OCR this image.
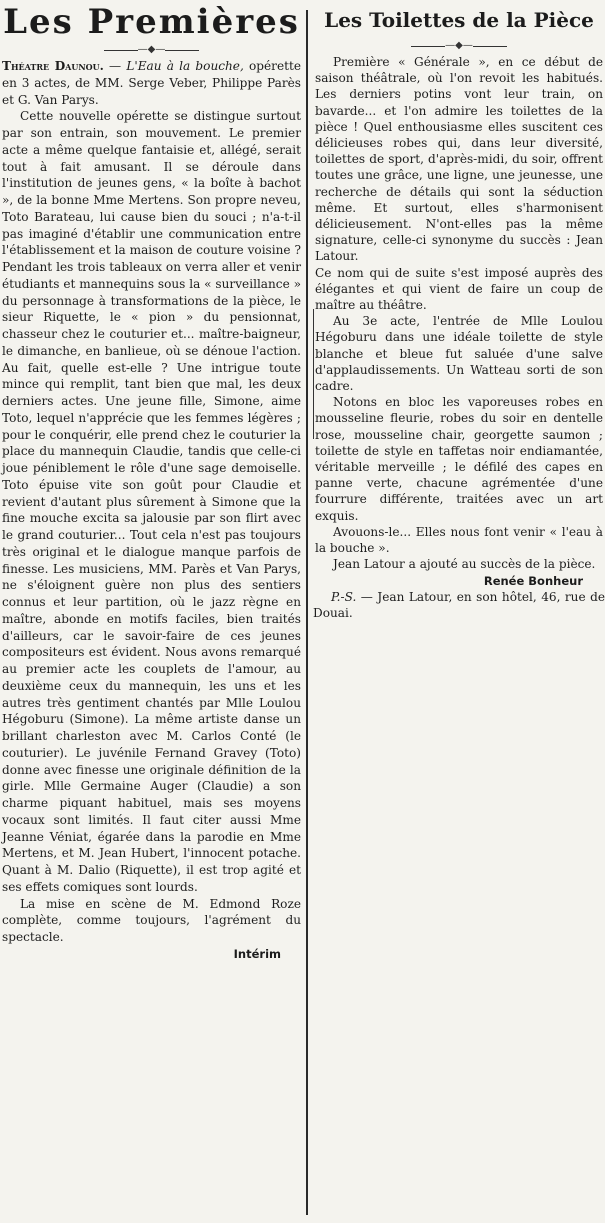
Les Premières
—◆—

Théatre Daunou. — L'Eau à la bouche, opérette en 3 actes, de MM. Serge Veber, Philippe Parès et G. Van Parys.

Cette nouvelle opérette se distingue surtout par son entrain, son mouvement. Le premier acte a même quelque fantaisie et, allégé, serait tout à fait amusant. Il se déroule dans l'institution de jeunes gens, « la boîte à bachot », de la bonne Mme Mertens. Son propre neveu, Toto Barateau, lui cause bien du souci ; n'a-t-il pas imaginé d'établir une communication entre l'établissement et la maison de couture voisine ? Pendant les trois tableaux on verra aller et venir étudiants et mannequins sous la « surveillance » du personnage à transformations de la pièce, le sieur Riquette, le « pion » du pensionnat, chasseur chez le couturier et... maître-baigneur, le dimanche, en banlieue, où se dénoue l'action. Au fait, quelle est-elle ? Une intrigue toute mince qui remplit, tant bien que mal, les deux derniers actes. Une jeune fille, Simone, aime Toto, lequel n'apprécie que les femmes légères ; pour le conquérir, elle prend chez le couturier la place du mannequin Claudie, tandis que celle-ci joue péniblement le rôle d'une sage demoiselle. Toto épuise vite son goût pour Claudie et revient d'autant plus sûrement à Simone que la fine mouche excita sa jalousie par son flirt avec le grand couturier... Tout cela n'est pas toujours très original et le dialogue manque parfois de finesse. Les musiciens, MM. Parès et Van Parys, ne s'éloignent guère non plus des sentiers connus et leur partition, où le jazz règne en maître, abonde en motifs faciles, bien traités d'ailleurs, car le savoir-faire de ces jeunes compositeurs est évident. Nous avons remarqué au premier acte les couplets de l'amour, au deuxième ceux du mannequin, les uns et les autres très gentiment chantés par Mlle Loulou Hégoburu (Simone). La même artiste danse un brillant charleston avec M. Carlos Conté (le couturier). Le juvénile Fernand Gravey (Toto) donne avec finesse une originale définition de la girle. Mlle Germaine Auger (Claudie) a son charme piquant habituel, mais ses moyens vocaux sont limités. Il faut citer aussi Mme Jeanne Véniat, égarée dans la parodie en Mme Mertens, et M. Jean Hubert, l'innocent potache. Quant à M. Dalio (Riquette), il est trop agité et ses effets comiques sont lourds.

La mise en scène de M. Edmond Roze complète, comme toujours, l'agrément du spectacle.

Intérim

Les Toilettes de la Pièce
—◆—

Première « Générale », en ce début de saison théâtrale, où l'on revoit les habitués. Les derniers potins vont leur train, on bavarde... et l'on admire les toilettes de la pièce ! Quel enthousiasme elles suscitent ces délicieuses robes qui, dans leur diversité, toilettes de sport, d'après-midi, du soir, offrent toutes une grâce, une ligne, une jeunesse, une recherche de détails qui sont la séduction même. Et surtout, elles s'harmonisent délicieusement. N'ont-elles pas la même signature, celle-ci synonyme du succès : Jean Latour.

Ce nom qui de suite s'est imposé auprès des élégantes et qui vient de faire un coup de maître au théâtre.

Au 3e acte, l'entrée de Mlle Loulou Hégoburu dans une idéale toilette de style blanche et bleue fut saluée d'une salve d'applaudissements. Un Watteau sorti de son cadre.

Notons en bloc les vaporeuses robes en mousseline fleurie, robes du soir en dentelle rose, mousseline chair, georgette saumon ; toilette de style en taffetas noir endiamantée, véritable merveille ; le défilé des capes en panne verte, chacune agrémentée d'une fourrure différente, traitées avec un art exquis.

Avouons-le... Elles nous font venir « l'eau à la bouche ».

Jean Latour a ajouté au succès de la pièce.

Renée Bonheur

P.-S. — Jean Latour, en son hôtel, 46, rue de Douai.
